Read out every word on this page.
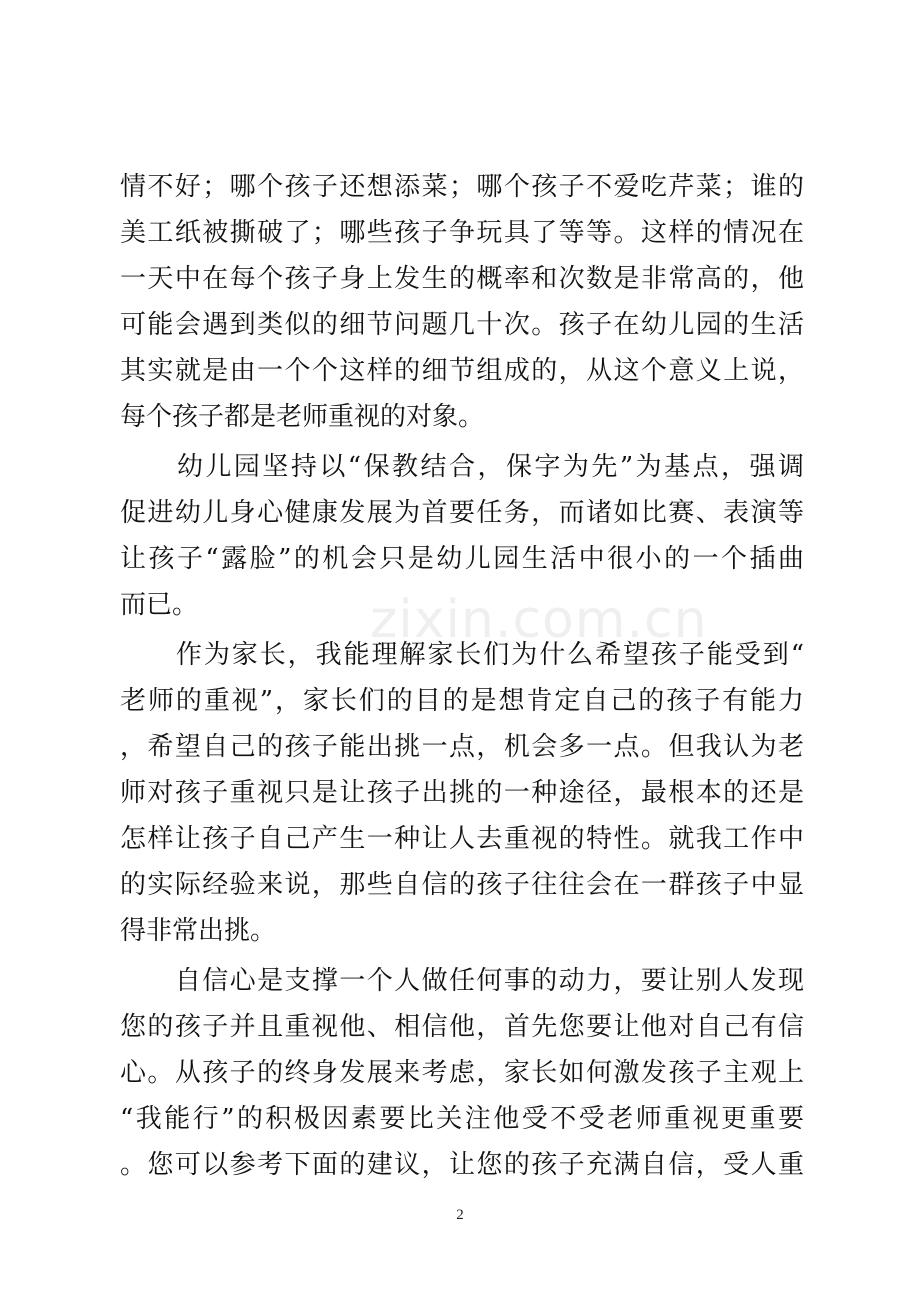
情不好；哪个孩子还想添菜；哪个孩子不爱吃芹菜；谁的
美工纸被撕破了；哪些孩子争玩具了等等。这样的情况在
一天中在每个孩子身上发生的概率和次数是非常高的，他
可能会遇到类似的细节问题几十次。孩子在幼儿园的生活
其实就是由一个个这样的细节组成的，从这个意义上说，
每个孩子都是老师重视的对象。
　　幼儿园坚持以“保教结合，保字为先”为基点，强调
促进幼儿身心健康发展为首要任务，而诸如比赛、表演等
让孩子“露脸”的机会只是幼儿园生活中很小的一个插曲
而已。
　　作为家长，我能理解家长们为什么希望孩子能受到“
老师的重视”，家长们的目的是想肯定自己的孩子有能力
，希望自己的孩子能出挑一点，机会多一点。但我认为老
师对孩子重视只是让孩子出挑的一种途径，最根本的还是
怎样让孩子自己产生一种让人去重视的特性。就我工作中
的实际经验来说，那些自信的孩子往往会在一群孩子中显
得非常出挑。
　　自信心是支撑一个人做任何事的动力，要让别人发现
您的孩子并且重视他、相信他，首先您要让他对自己有信
心。从孩子的终身发展来考虑，家长如何激发孩子主观上
“我能行”的积极因素要比关注他受不受老师重视更重要
。您可以参考下面的建议，让您的孩子充满自信，受人重
zixin.com.cn
2
